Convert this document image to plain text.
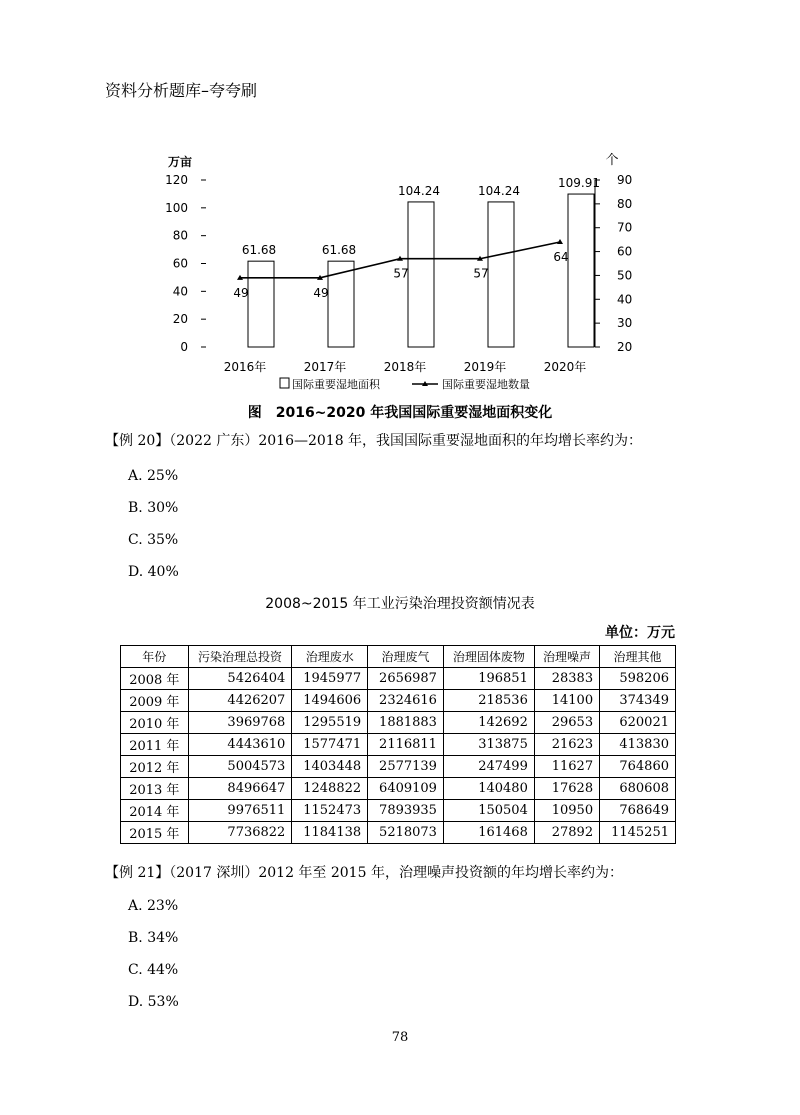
资料分析题库–夸夸刷
万亩	个
0
20
40
60
80
100
120
20
30
40
50
60
70
80
90
61.68	61.68
104.24	104.24
109.91
49	49
57	57
64
2016年	2017年	2018年	2019年	2020年
国际重要湿地面积	国际重要湿地数量
图　2016~2020 年我国国际重要湿地面积变化
【例 20】（2022 广东）2016—2018 年，我国国际重要湿地面积的年均增长率约为：
A. 25%
B. 30%
C. 35%
D. 40%
2008~2015 年工业污染治理投资额情况表
单位：万元
年份	污染治理总投资	治理废水	治理废气	治理固体废物	治理噪声	治理其他
2008 年	5426404	1945977	2656987	196851	28383	598206
2009 年	4426207	1494606	2324616	218536	14100	374349
2010 年	3969768	1295519	1881883	142692	29653	620021
2011 年	4443610	1577471	2116811	313875	21623	413830
2012 年	5004573	1403448	2577139	247499	11627	764860
2013 年	8496647	1248822	6409109	140480	17628	680608
2014 年	9976511	1152473	7893935	150504	10950	768649
2015 年	7736822	1184138	5218073	161468	27892	1145251
【例 21】（2017 深圳）2012 年至 2015 年，治理噪声投资额的年均增长率约为：
A. 23%
B. 34%
C. 44%
D. 53%
78
